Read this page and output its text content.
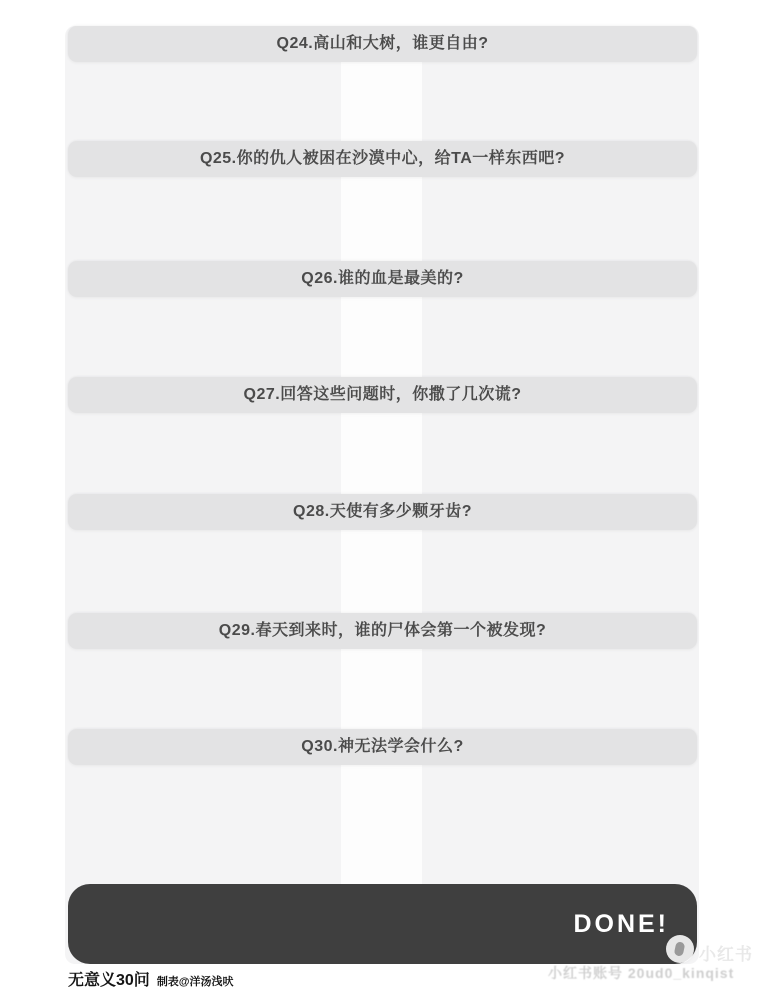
Q24.高山和大树，谁更自由?
Q25.你的仇人被困在沙漠中心，给TA一样东西吧?
Q26.谁的血是最美的?
Q27.回答这些问题时，你撒了几次谎?
Q28.天使有多少颗牙齿?
Q29.春天到来时，谁的尸体会第一个被发现?
Q30.神无法学会什么?
DONE!
小红书
小红书账号 20ud0_kinqist
无意义30问 制表@洋汤浅吠
